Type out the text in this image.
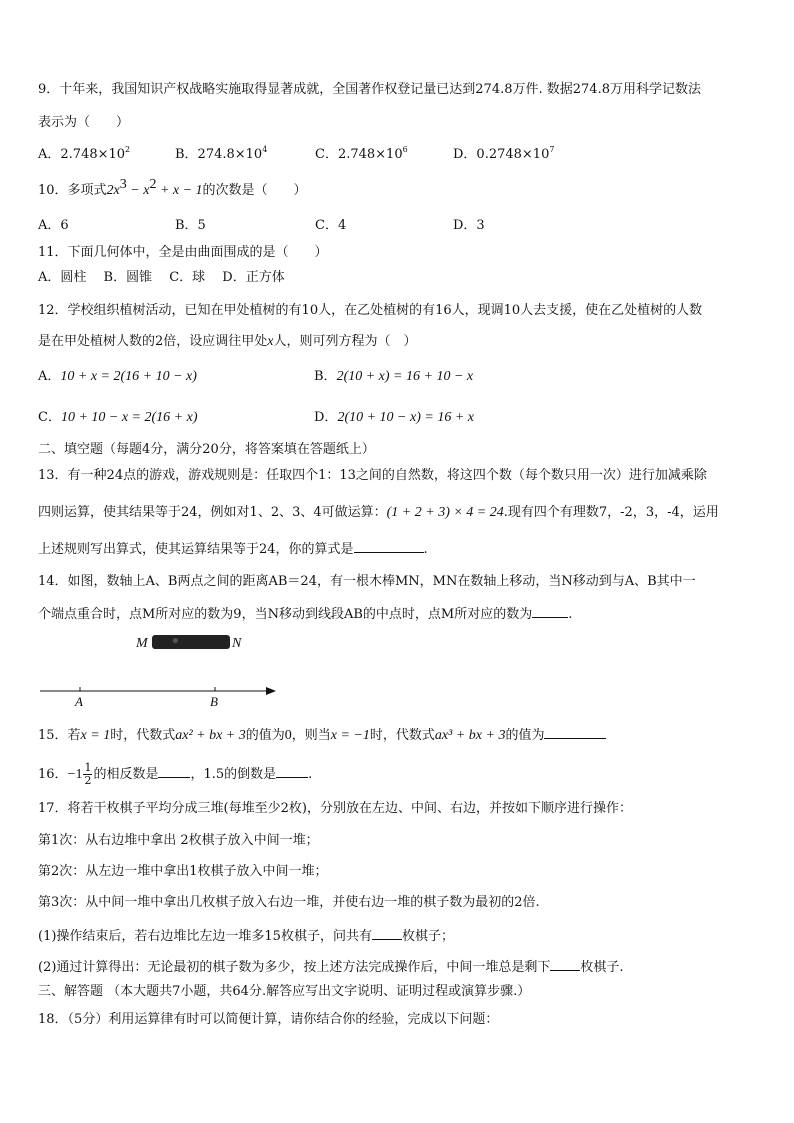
9．十年来，我国知识产权战略实施取得显著成就，全国著作权登记量已达到274.8万件. 数据274.8万用科学记数法
表示为（　　）
A．$2.748\times 10^2$	B．$274.8\times 10^4$	C．$2.748\times 10^6$	D．$0.2748\times 10^7$
10．多项式$2x^3 - x^2 + x - 1$的次数是（　　）
A．6	B．5	C．4	D．3
11．下面几何体中，全是由曲面围成的是（　　）
A．圆柱　 B．圆锥　 C．球　 D．正方体
12．学校组织植树活动，已知在甲处植树的有10人，在乙处植树的有16人，现调10人去支援，使在乙处植树的人数
是在甲处植树人数的2倍，设应调往甲处x人，则可列方程为（　）
A．10 + x = 2(16 + 10 − x)	B．2(10 + x) = 16 + 10 − x
C．10 + 10 − x = 2(16 + x)	D．2(10 + 10 − x) = 16 + x
二、填空题（每题4分，满分20分，将答案填在答题纸上）
13．有一种24点的游戏，游戏规则是：任取四个1：13之间的自然数，将这四个数（每个数只用一次）进行加减乘除
四则运算，使其结果等于24，例如对1、2、3、4可做运算：(1 + 2 + 3) × 4 = 24.现有四个有理数7，-2，3，-4，运用
上述规则写出算式，使其运算结果等于24，你的算式是	.
14．如图，数轴上A、B两点之间的距离AB＝24，有一根木棒MN，MN在数轴上移动，当N移动到与A、B其中一
个端点重合时，点M所对应的数为9，当N移动到线段AB的中点时，点M所对应的数为	.
M	N
A	B
15．若x = 1时，代数式ax² + bx + 3的值为0，则当x = −1时，代数式ax³ + bx + 3的值为
16．$-1 \frac{1}{2}$ 的相反数是 ，1.5的倒数是 .
17．将若干枚棋子平均分成三堆(每堆至少2枚)，分别放在左边、中间、右边，并按如下顺序进行操作：
第1次：从右边堆中拿出 2枚棋子放入中间一堆；
第2次：从左边一堆中拿出1枚棋子放入中间一堆；
第3次：从中间一堆中拿出几枚棋子放入右边一堆，并使右边一堆的棋子数为最初的2倍.
(1)操作结束后，若右边堆比左边一堆多15枚棋子，问共有 枚棋子；
(2)通过计算得出：无论最初的棋子数为多少，按上述方法完成操作后，中间一堆总是剩下 枚棋子.
三、解答题 （本大题共7小题，共64分.解答应写出文字说明、证明过程或演算步骤.）
18．（5分）利用运算律有时可以简便计算，请你结合你的经验，完成以下问题：
